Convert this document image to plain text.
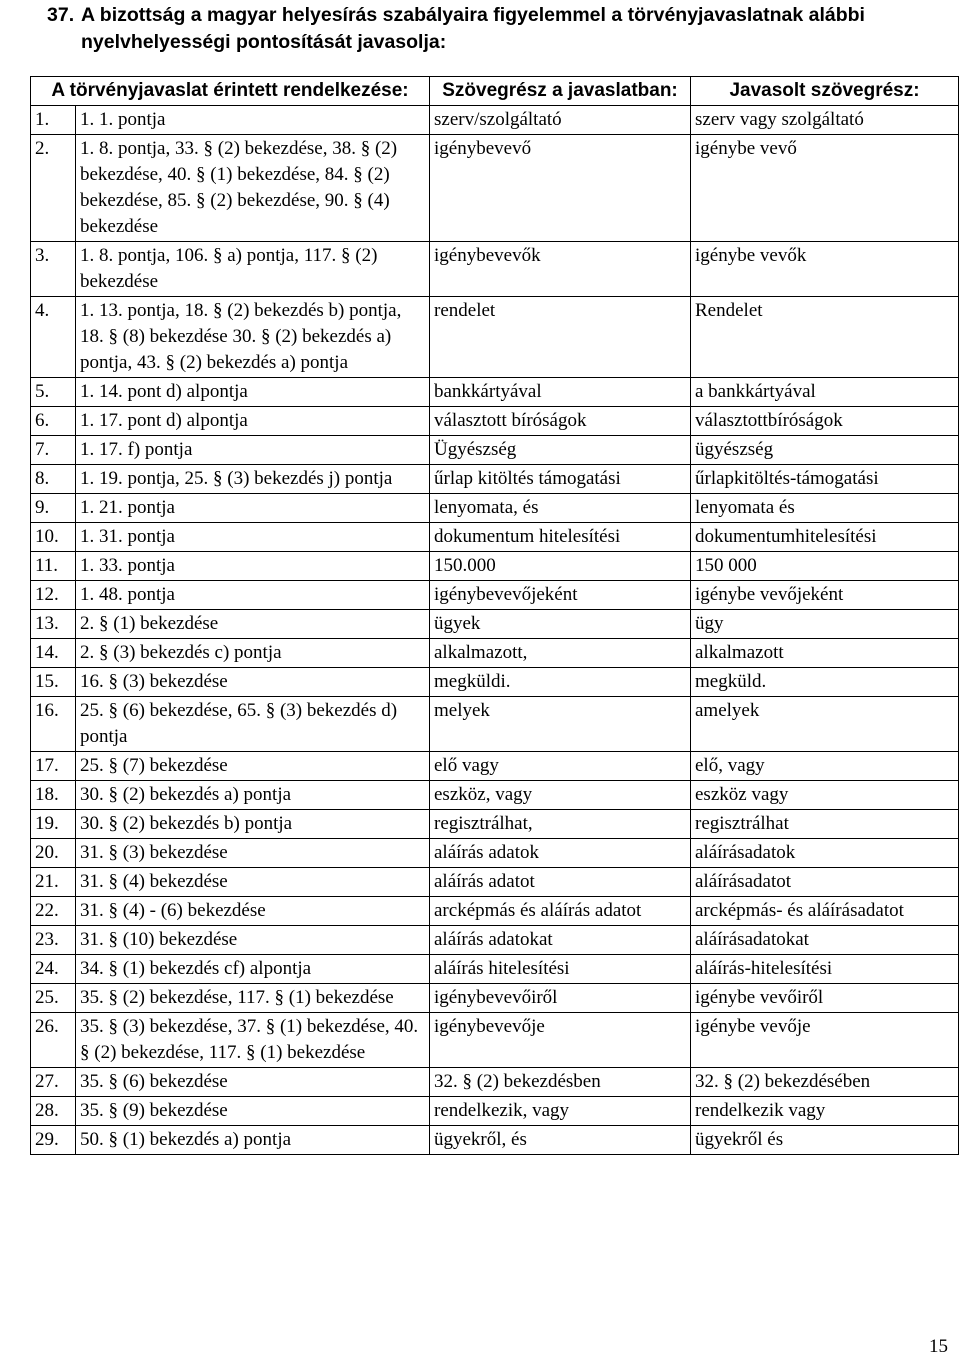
37. A bizottság a magyar helyesírás szabályaira figyelemmel a törvényjavaslatnak alábbi
nyelvhelyességi pontosítását javasolja:
A törvényjavaslat érintett rendelkezése:		Szövegrész a javaslatban:	Javasolt szövegrész:
1.	1. 1. pontja	szerv/szolgáltató	szerv vagy szolgáltató
2.	1. 8. pontja, 33. § (2) bekezdése, 38. § (2) bekezdése, 40. § (1) bekezdése, 84. § (2) bekezdése, 85. § (2) bekezdése, 90. § (4) bekezdése	igénybevevő	igénybe vevő
3.	1. 8. pontja, 106. § a) pontja, 117. § (2) bekezdése	igénybevevők	igénybe vevők
4.	1. 13. pontja, 18. § (2) bekezdés b) pontja, 18. § (8) bekezdése 30. § (2) bekezdés a) pontja, 43. § (2) bekezdés a) pontja	rendelet	Rendelet
5.	1. 14. pont d) alpontja	bankkártyával	a bankkártyával
6.	1. 17. pont d) alpontja	választott bíróságok	választottbíróságok
7.	1. 17. f) pontja	Ügyészség	ügyészség
8.	1. 19. pontja, 25. § (3) bekezdés j) pontja	űrlap kitöltés támogatási	űrlapkitöltés-támogatási
9.	1. 21. pontja	lenyomata, és	lenyomata és
10.	1. 31. pontja	dokumentum hitelesítési	dokumentumhitelesítési
11.	1. 33. pontja	150.000	150 000
12.	1. 48. pontja	igénybevevőjeként	igénybe vevőjeként
13.	2. § (1) bekezdése	ügyek	ügy
14.	2. § (3) bekezdés c) pontja	alkalmazott,	alkalmazott
15.	16. § (3) bekezdése	megküldi.	megküld.
16.	25. § (6) bekezdése, 65. § (3) bekezdés d) pontja	melyek	amelyek
17.	25. § (7) bekezdése	elő vagy	elő, vagy
18.	30. § (2) bekezdés a) pontja	eszköz, vagy	eszköz vagy
19.	30. § (2) bekezdés b) pontja	regisztrálhat,	regisztrálhat
20.	31. § (3) bekezdése	aláírás adatok	aláírásadatok
21.	31. § (4) bekezdése	aláírás adatot	aláírásadatot
22.	31. § (4) - (6) bekezdése	arcképmás és aláírás adatot	arcképmás- és aláírásadatot
23.	31. § (10) bekezdése	aláírás adatokat	aláírásadatokat
24.	34. § (1) bekezdés cf) alpontja	aláírás hitelesítési	aláírás-hitelesítési
25.	35. § (2) bekezdése, 117. § (1) bekezdése	igénybevevőiről	igénybe vevőiről
26.	35. § (3) bekezdése, 37. § (1) bekezdése, 40. § (2) bekezdése, 117. § (1) bekezdése	igénybevevője	igénybe vevője
27.	35. § (6) bekezdése	32. § (2) bekezdésben	32. § (2) bekezdésében
28.	35. § (9) bekezdése	rendelkezik, vagy	rendelkezik vagy
29.	50. § (1) bekezdés a) pontja	ügyekről, és	ügyekről és
15
